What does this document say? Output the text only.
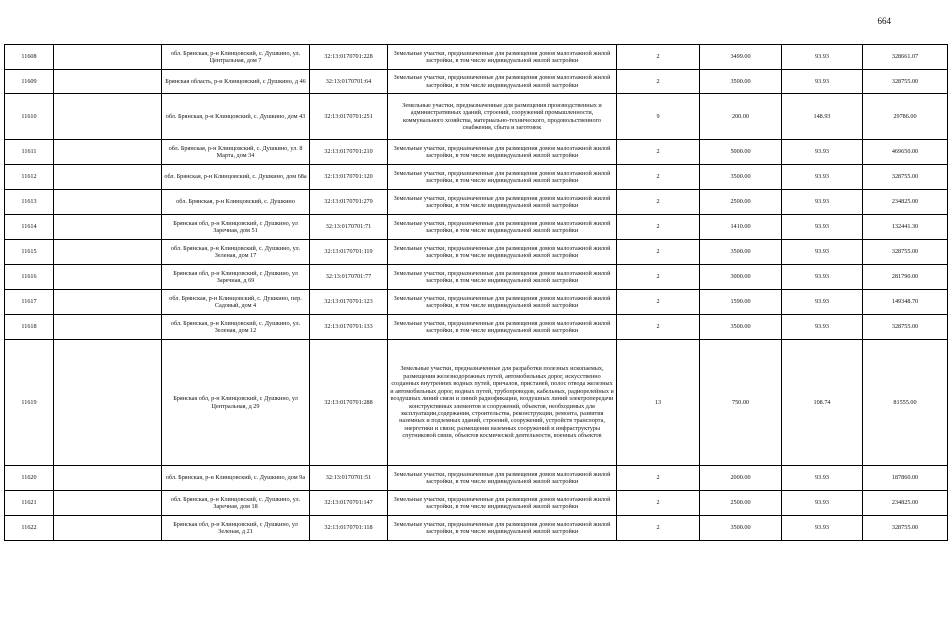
664
11608		обл. Брянская, р-н Клинцовский, с. Душкино, ул. Центральная, дом 7	32:13:0170701:228	Земельные участки, предназначенные для размещения домов малоэтажной жилой застройки, в том числе индивидуальной жилой застройки	2	3499.00	93.93	328661.07
11609		Брянская область, р-н Клинцовский, с Душкино, д 46	32:13:0170701:64	Земельные участки, предназначенные для размещения домов малоэтажной жилой застройки, в том числе индивидуальной жилой застройки	2	3500.00	93.93	328755.00
11610		обл. Брянская, р-н Клинцовский, с. Душкино, дом 43	32:13:0170701:251	Земельные участки, предназначенные для размещения производственных и административных зданий, строений, сооружений промышленности, коммунального хозяйства, материально-технического, продовольственного снабжения, сбыта и заготовок	9	200.00	148.93	29786.00
11611		обл. Брянская, р-н Клинцовский, с. Душкино, ул. 8 Марта, дом 34	32:13:0170701:210	Земельные участки, предназначенные для размещения домов малоэтажной жилой застройки, в том числе индивидуальной жилой застройки	2	5000.00	93.93	469650.00
11612		обл. Брянская, р-н Клинцовский, с. Душкино, дом 68а	32:13:0170701:120	Земельные участки, предназначенные для размещения домов малоэтажной жилой застройки, в том числе индивидуальной жилой застройки	2	3500.00	93.93	328755.00
11613		обл. Брянская, р-н Клинцовский, с. Душкино	32:13:0170701:279	Земельные участки, предназначенные для размещения домов малоэтажной жилой застройки, в том числе индивидуальной жилой застройки	2	2500.00	93.93	234825.00
11614		Брянская обл, р-н Клинцовский, с Душкино, ул Заречная, дом 51	32:13:0170701:71	Земельные участки, предназначенные для размещения домов малоэтажной жилой застройки, в том числе индивидуальной жилой застройки	2	1410.00	93.93	132441.30
11615		обл. Брянская, р-н Клинцовский, с. Душкино, ул. Зеленая, дом 17	32:13:0170701:119	Земельные участки, предназначенные для размещения домов малоэтажной жилой застройки, в том числе индивидуальной жилой застройки	2	3500.00	93.93	328755.00
11616		Брянская обл, р-н Клинцовский, с Душкино, ул Заречная, д 69	32:13:0170701:77	Земельные участки, предназначенные для размещения домов малоэтажной жилой застройки, в том числе индивидуальной жилой застройки	2	3000.00	93.93	281790.00
11617		обл. Брянская, р-н Клинцовский, с. Душкино, пер. Садовый, дом 4	32:13:0170701:123	Земельные участки, предназначенные для размещения домов малоэтажной жилой застройки, в том числе индивидуальной жилой застройки	2	1590.00	93.93	149348.70
11618		обл. Брянская, р-н Клинцовский, с. Душкино, ул. Зеленая, дом 12	32:13:0170701:133	Земельные участки, предназначенные для размещения домов малоэтажной жилой застройки, в том числе индивидуальной жилой застройки	2	3500.00	93.93	328755.00
11619		Брянская обл, р-н Клинцовский, с Душкино, ул Центральная, д 29	32:13:0170701:288	Земельные участки, предназначенные для разработки полезных ископаемых, размещения железнодорожных путей, автомобильных дорог, искусственно созданных внутренних водных путей, причалов, пристаней, полос отвода железных и автомобильных дорог, водных путей, трубопроводов, кабельных, радиорелейных и воздушных линий связи и линий радиофикации, воздушных линий электропередачи конструктивных элементов и сооружений, объектов, необходимых для эксплуатации,содержания, строительства, реконструкции, ремонта, развития наземных и подземных зданий, строений, сооружений, устройств транспорта, энергетики и связи; размещения наземных сооружений и инфраструктуры спутниковой связи, объектов космической деятельности, военных объектов	13	750.00	108.74	81555.00
11620		обл. Брянская, р-н Клинцовский, с. Душкино, дом 9а	32:13:0170701:51	Земельные участки, предназначенные для размещения домов малоэтажной жилой застройки, в том числе индивидуальной жилой застройки	2	2000.00	93.93	187860.00
11621		обл. Брянская, р-н Клинцовский, с. Душкино, ул. Заречная, дом 18	32:13:0170701:147	Земельные участки, предназначенные для размещения домов малоэтажной жилой застройки, в том числе индивидуальной жилой застройки	2	2500.00	93.93	234825.00
11622		Брянская обл, р-н Клинцовский, с Душкино, ул Зеленая, д 21	32:13:0170701:118	Земельные участки, предназначенные для размещения домов малоэтажной жилой застройки, в том числе индивидуальной жилой застройки	2	3500.00	93.93	328755.00
